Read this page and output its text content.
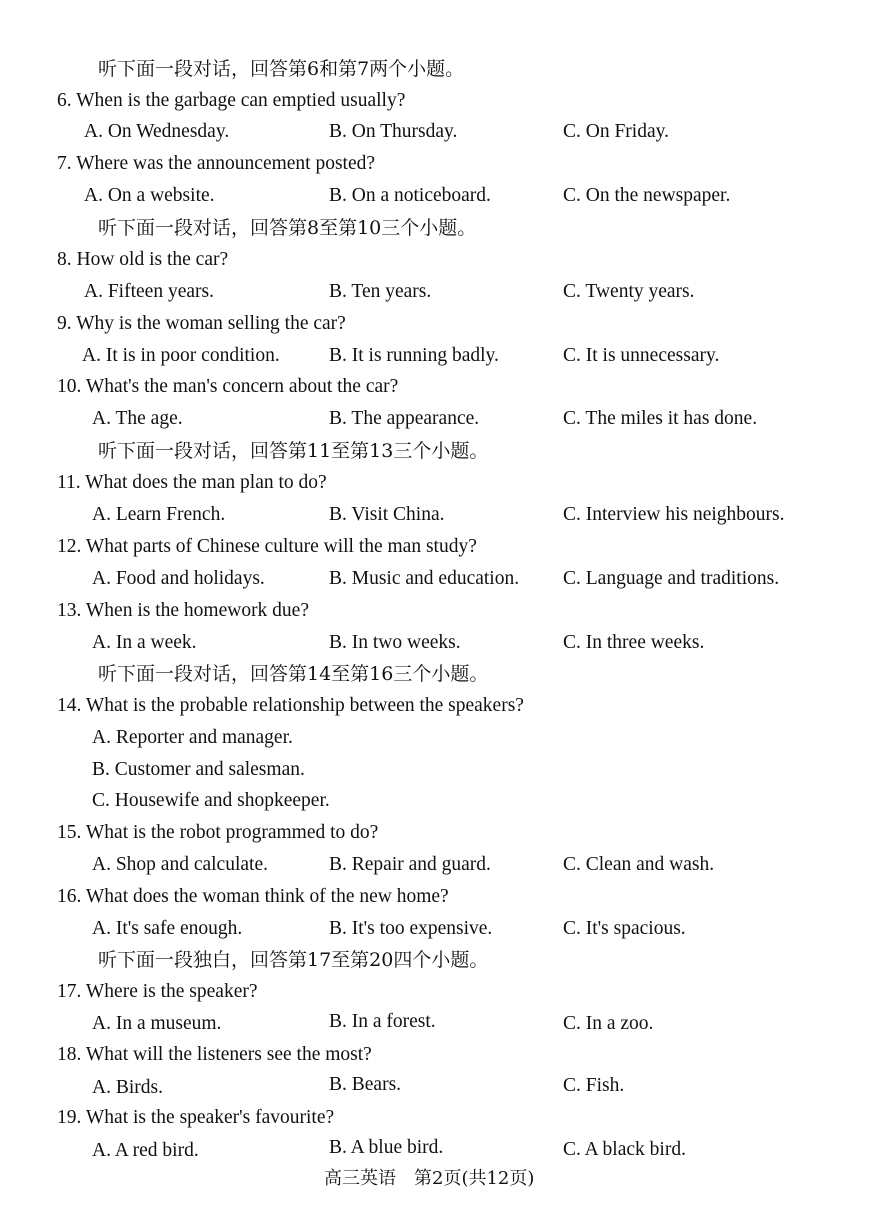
听下面一段对话，回答第6和第7两个小题。
6. When is the garbage can emptied usually?
A. On Wednesday.	B. On Thursday.	C. On Friday.
7. Where was the announcement posted?
A. On a website.	B. On a noticeboard.	C. On the newspaper.
听下面一段对话，回答第8至第10三个小题。
8. How old is the car?
A. Fifteen years.	B. Ten years.	C. Twenty years.
9. Why is the woman selling the car?
A. It is in poor condition.	B. It is running badly.	C. It is unnecessary.
10. What's the man's concern about the car?
A. The age.	B. The appearance.	C. The miles it has done.
听下面一段对话，回答第11至第13三个小题。
11. What does the man plan to do?
A. Learn French.	B. Visit China.	C. Interview his neighbours.
12. What parts of Chinese culture will the man study?
A. Food and holidays.	B. Music and education. C. Language and traditions.
13. When is the homework due?
A. In a week.	B. In two weeks.	C. In three weeks.
听下面一段对话，回答第14至第16三个小题。
14. What is the probable relationship between the speakers?
A. Reporter and manager.
B. Customer and salesman.
C. Housewife and shopkeeper.
15. What is the robot programmed to do?
A. Shop and calculate.	B. Repair and guard.	C. Clean and wash.
16. What does the woman think of the new home?
A. It's safe enough.	B. It's too expensive.	C. It's spacious.
听下面一段独白，回答第17至第20四个小题。
17. Where is the speaker?
A. In a museum.	B. In a forest.	C. In a zoo.
18. What will the listeners see the most?
A. Birds.	B. Bears.	C. Fish.
19. What is the speaker's favourite?
A. A red bird.	B. A blue bird.	C. A black bird.
高三英语　第2页(共12页)
